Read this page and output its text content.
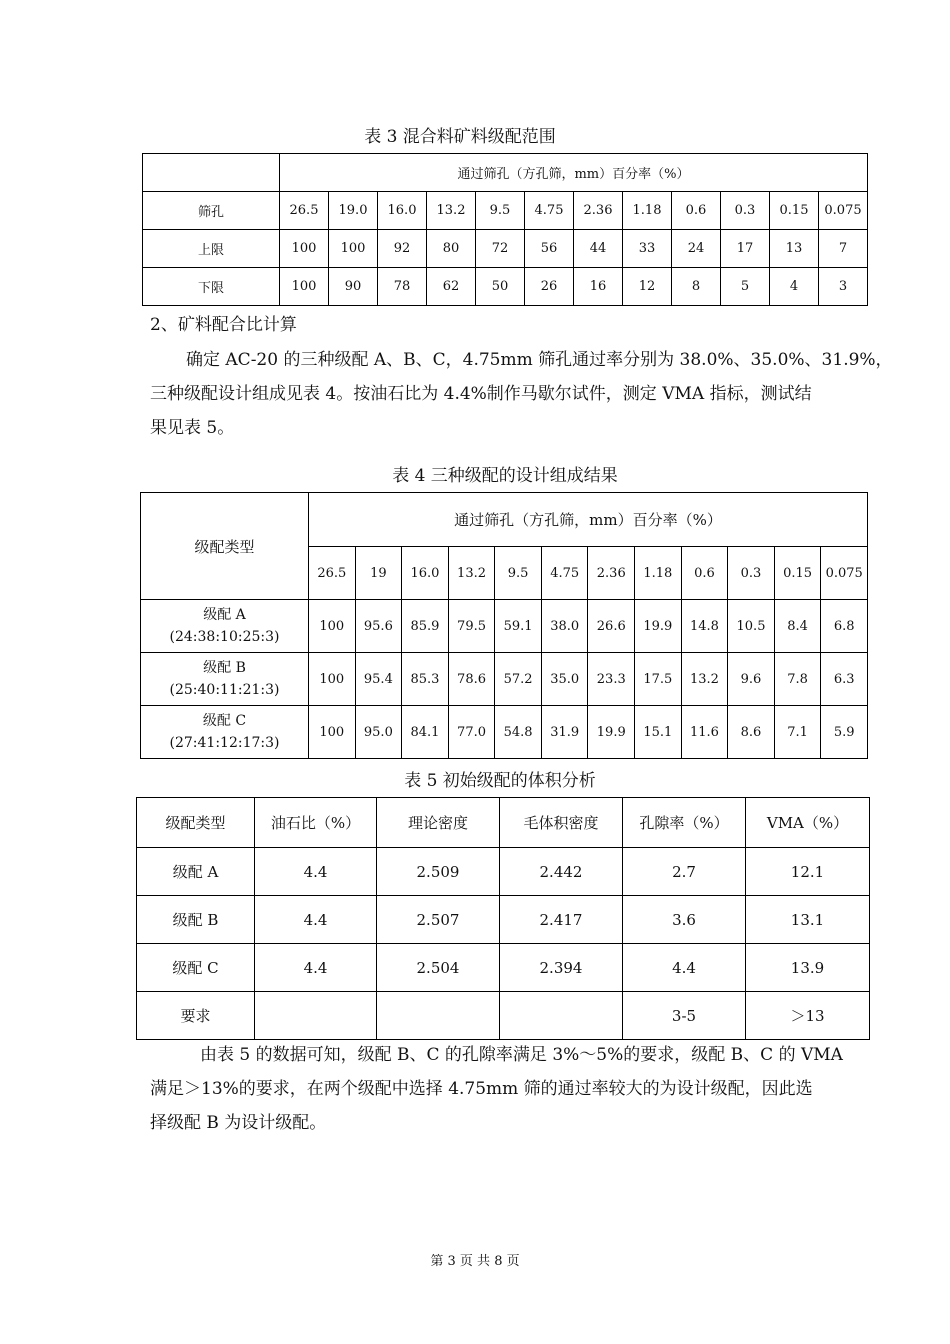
表 3 混合料矿料级配范围
	通过筛孔（方孔筛，mm）百分率（%）											
筛孔	26.5	19.0	16.0	13.2	9.5	4.75	2.36	1.18	0.6	0.3	0.15	0.075
上限	100	100	92	80	72	56	44	33	24	17	13	7
下限	100	90	78	62	50	26	16	12	8	5	4	3
2、矿料配合比计算
确定 AC-20 的三种级配 A、B、C，4.75mm 筛孔通过率分别为 38.0%、35.0%、31.9%，
三种级配设计组成见表 4。按油石比为 4.4%制作马歇尔试件，测定 VMA 指标，测试结
果见表 5。
表 4 三种级配的设计组成结果
级配类型	通过筛孔（方孔筛，mm）百分率（%）											
	26.5	19	16.0	13.2	9.5	4.75	2.36	1.18	0.6	0.3	0.15	0.075

级配 A
(24:38:10:25:3)	100	95.6	85.9	79.5	59.1	38.0	26.6	19.9	14.8	10.5	8.4	6.8

级配 B
(25:40:11:21:3)	100	95.4	85.3	78.6	57.2	35.0	23.3	17.5	13.2	9.6	7.8	6.3

级配 C
(27:41:12:17:3)	100	95.0	84.1	77.0	54.8	31.9	19.9	15.1	11.6	8.6	7.1	5.9
表 5 初始级配的体积分析
级配类型	油石比（%）	理论密度	毛体积密度	孔隙率（%）	VMA（%）
级配 A	4.4	2.509	2.442	2.7	12.1
级配 B	4.4	2.507	2.417	3.6	13.1
级配 C	4.4	2.504	2.394	4.4	13.9
要求				3-5	＞13
由表 5 的数据可知，级配 B、C 的孔隙率满足 3%～5%的要求，级配 B、C 的 VMA
满足＞13%的要求，在两个级配中选择 4.75mm 筛的通过率较大的为设计级配，因此选
择级配 B 为设计级配。
第 3 页 共 8 页
